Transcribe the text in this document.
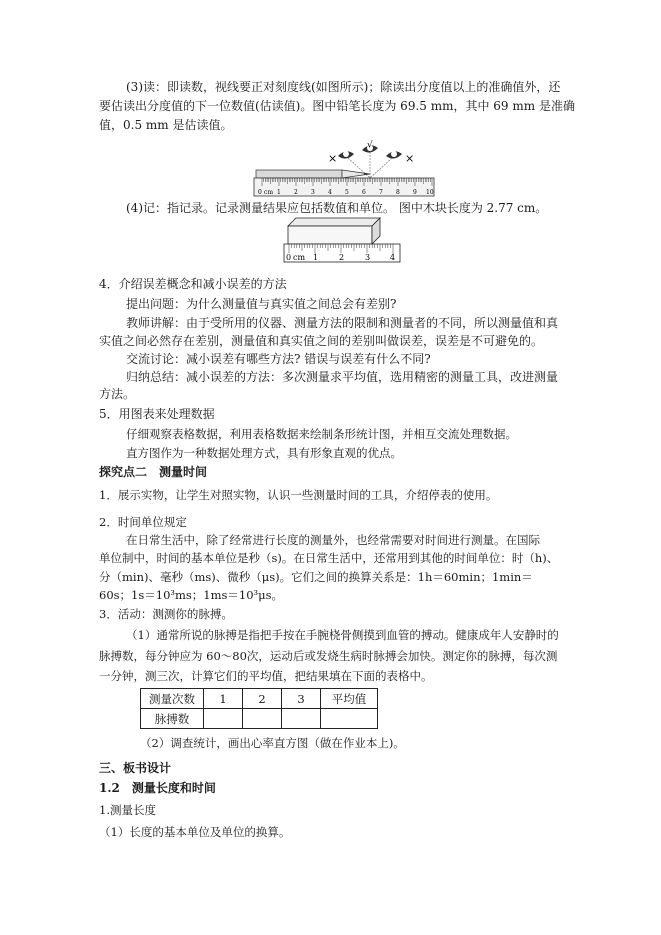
(3)读：即读数，视线要正对刻度线(如图所示)；除读出分度值以上的准确值外，还
要估读出分度值的下一位数值(估读值)。图中铅笔长度为 69.5 mm，其中 69 mm 是准确
值，0.5 mm 是估读值。
×
√
×
0 cm 1 2 3 4 5 6 7 8 9 10
(4)记：指记录。记录测量结果应包括数值和单位。 图中木块长度为 2.77 cm。
0 cm 1	2	3 4
4．介绍误差概念和减小误差的方法
提出问题：为什么测量值与真实值之间总会有差别?
教师讲解：由于受所用的仪器、测量方法的限制和测量者的不同，所以测量值和真
实值之间必然存在差别，测量值和真实值之间的差别叫做误差，误差是不可避免的。
交流讨论：减小误差有哪些方法? 错误与误差有什么不同?
归纳总结：减小误差的方法：多次测量求平均值，选用精密的测量工具，改进测量
方法。
5．用图表来处理数据
仔细观察表格数据，利用表格数据来绘制条形统计图，并相互交流处理数据。
直方图作为一种数据处理方式，具有形象直观的优点。
探究点二　测量时间
1．展示实物，让学生对照实物，认识一些测量时间的工具，介绍停表的使用。
2．时间单位规定
在日常生活中，除了经常进行长度的测量外，也经常需要对时间进行测量。在国际
单位制中，时间的基本单位是秒（s)。在日常生活中，还常用到其他的时间单位：时（h)、
分（min)、毫秒（ms)、微秒（μs)。它们之间的换算关系是：1h＝60min；1min＝
60s；1s＝10³ms；1ms＝10³μs。
3．活动：测测你的脉搏。
（1）通常所说的脉搏是指把手按在手腕桡骨侧摸到血管的搏动。健康成年人安静时的
脉搏数，每分钟应为 60～80次，运动后或发烧生病时脉搏会加快。测定你的脉搏，每次测
一分钟，测三次，计算它们的平均值，把结果填在下面的表格中。
测量次数	1	2	3	平均值
脉搏数				
（2）调查统计，画出心率直方图（做在作业本上)。
三、板书设计
1.2　测量长度和时间
1.测量长度
（1）长度的基本单位及单位的换算。
